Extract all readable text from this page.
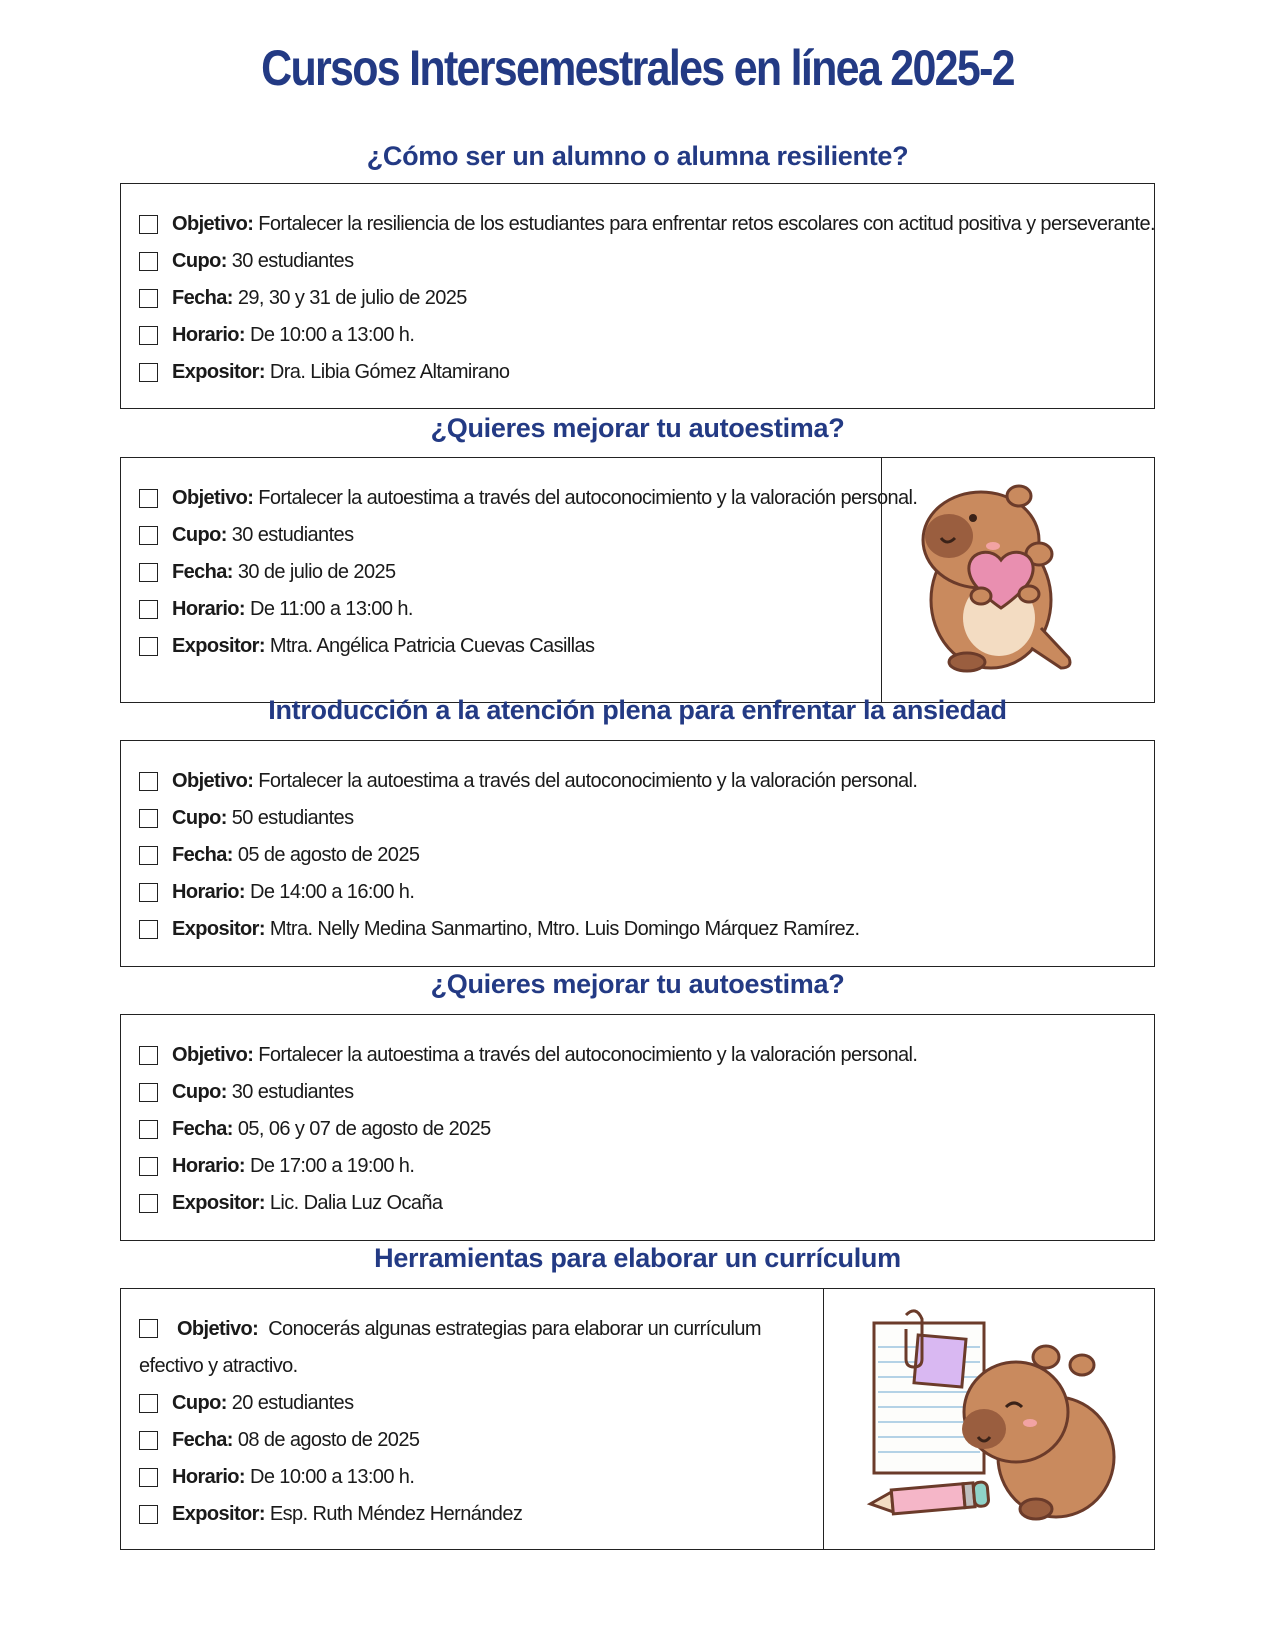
Cursos Intersemestrales en línea 2025-2
¿Cómo ser un alumno o alumna resiliente?
Objetivo: Fortalecer la resiliencia de los estudiantes para enfrentar retos escolares con actitud positiva y perseverante.
Cupo: 30 estudiantes
Fecha: 29, 30 y 31 de julio de 2025
Horario: De 10:00 a 13:00 h.
Expositor: Dra. Libia Gómez Altamirano
¿Quieres mejorar tu autoestima?
Objetivo: Fortalecer la autoestima a través del autoconocimiento y la valoración personal.
Cupo: 30 estudiantes
Fecha: 30 de julio de 2025
Horario: De 11:00 a 13:00 h.
Expositor: Mtra. Angélica Patricia Cuevas Casillas
Introducción a la atención plena para enfrentar la ansiedad
Objetivo: Fortalecer la autoestima a través del autoconocimiento y la valoración personal.
Cupo: 50 estudiantes
Fecha: 05 de agosto de 2025
Horario: De 14:00 a 16:00 h.
Expositor: Mtra. Nelly Medina Sanmartino, Mtro. Luis Domingo Márquez Ramírez.
¿Quieres mejorar tu autoestima?
Objetivo: Fortalecer la autoestima a través del autoconocimiento y la valoración personal.
Cupo: 30 estudiantes
Fecha: 05, 06 y 07 de agosto de 2025
Horario: De 17:00 a 19:00 h.
Expositor: Lic. Dalia Luz Ocaña
Herramientas para elaborar un currículum
Objetivo: Conocerás algunas estrategias para elaborar un currículum efectivo y atractivo.
Cupo: 20 estudiantes
Fecha: 08 de agosto de 2025
Horario: De 10:00 a 13:00 h.
Expositor: Esp. Ruth Méndez Hernández
